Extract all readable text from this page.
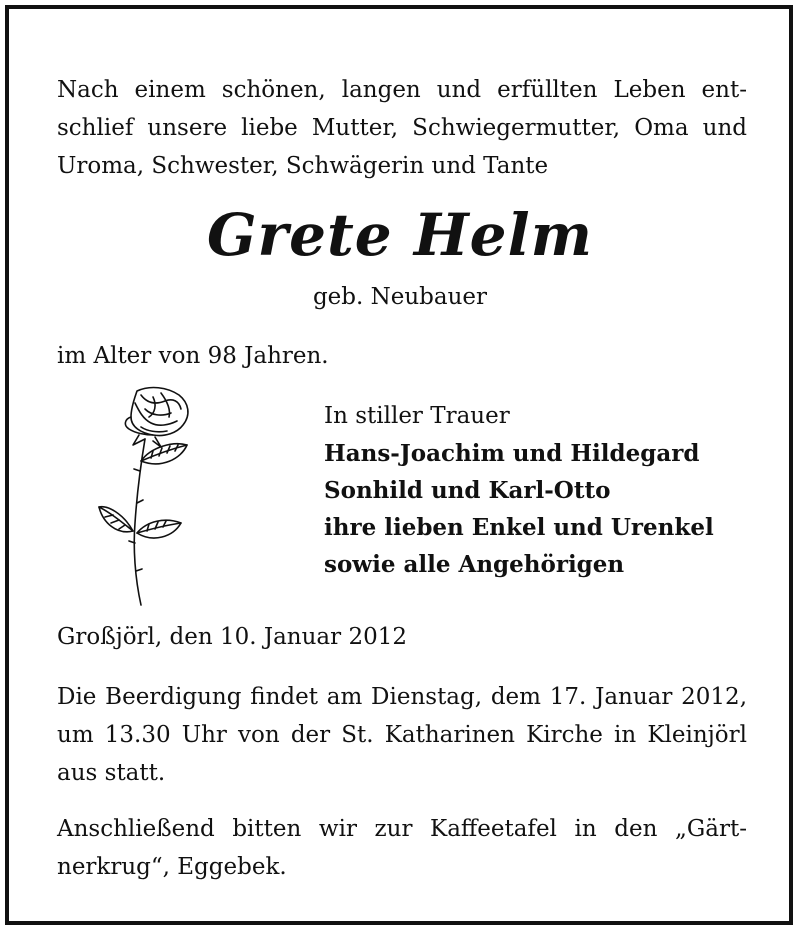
Nach einem schönen, langen und erfüllten Leben entschlief unsere liebe Mutter, Schwiegermutter, Oma und Uroma, Schwester, Schwägerin und Tante

Grete Helm
geb. Neubauer
im Alter von 98 Jahren.
In stiller Trauer
Hans-Joachim und Hildegard
Sonhild und Karl-Otto
ihre lieben Enkel und Urenkel
sowie alle Angehörigen
Großjörl, den 10. Januar 2012

Die Beerdigung findet am Dienstag, dem 17. Januar 2012, um 13.30 Uhr von der St. Katharinen Kirche in Kleinjörl aus statt.

Anschließend bitten wir zur Kaffeetafel in den „Gärtnerkrug“, Eggebek.
